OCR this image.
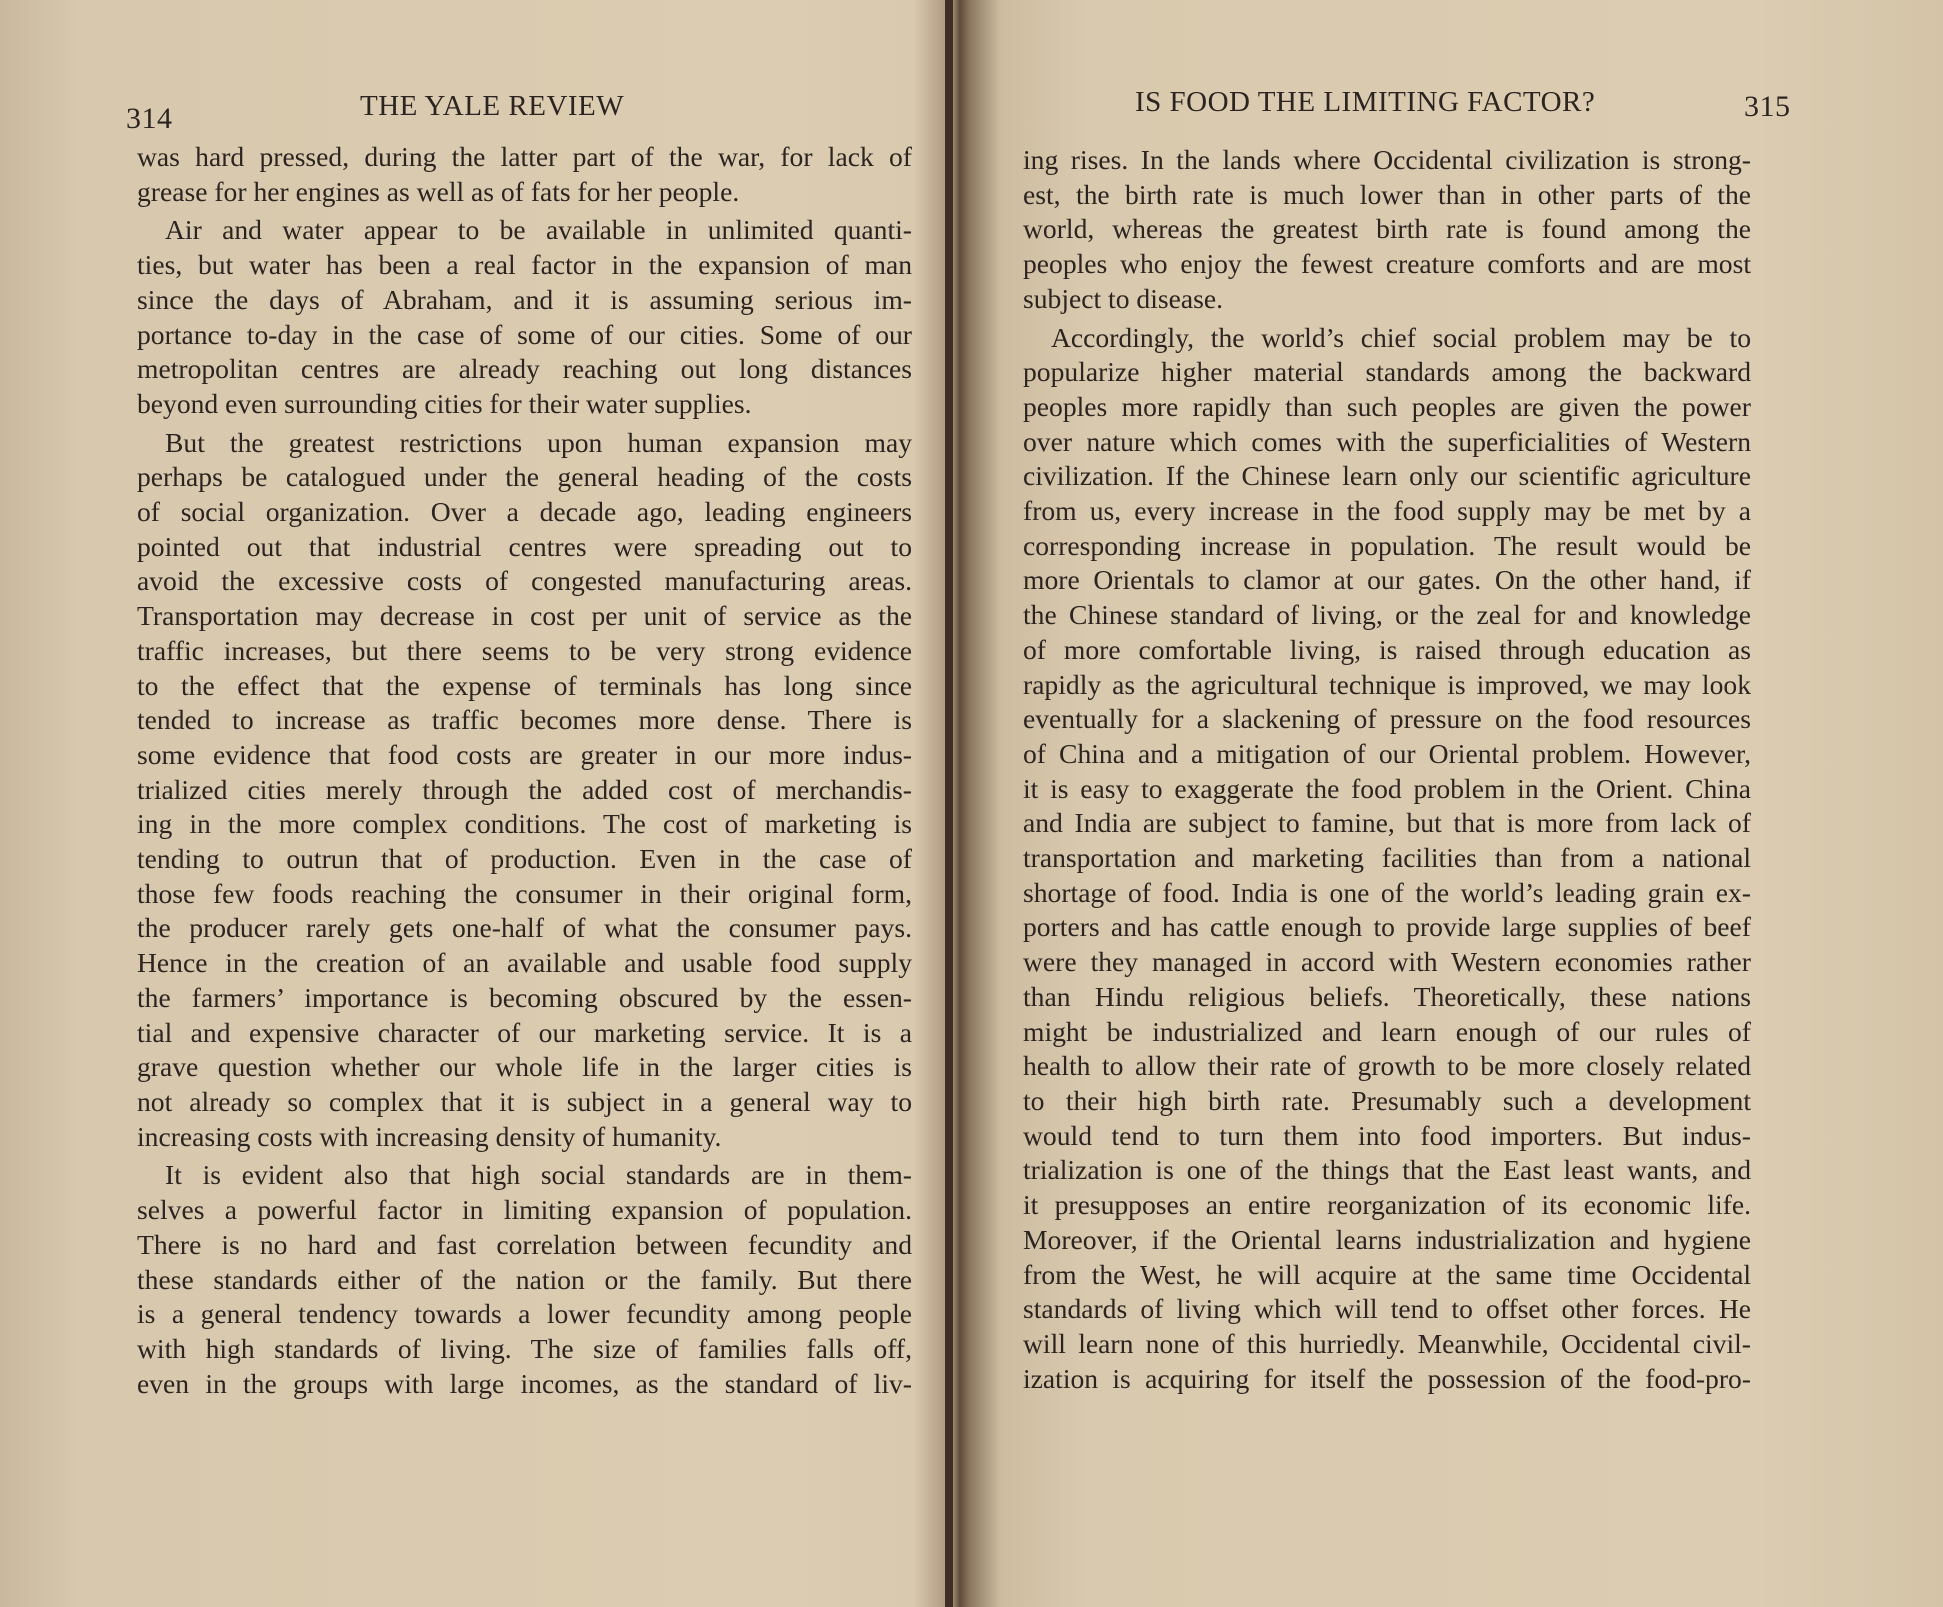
314	THE YALE REVIEW
was hard pressed, during the latter part of the war, for lack of
grease for her engines as well as of fats for her people.
Air and water appear to be available in unlimited quanti-
ties, but water has been a real factor in the expansion of man
since the days of Abraham, and it is assuming serious im-
portance to-day in the case of some of our cities. Some of our
metropolitan centres are already reaching out long distances
beyond even surrounding cities for their water supplies.
But the greatest restrictions upon human expansion may
perhaps be catalogued under the general heading of the costs
of social organization. Over a decade ago, leading engineers
pointed out that industrial centres were spreading out to
avoid the excessive costs of congested manufacturing areas.
Transportation may decrease in cost per unit of service as the
traffic increases, but there seems to be very strong evidence
to the effect that the expense of terminals has long since
tended to increase as traffic becomes more dense. There is
some evidence that food costs are greater in our more indus-
trialized cities merely through the added cost of merchandis-
ing in the more complex conditions. The cost of marketing is
tending to outrun that of production. Even in the case of
those few foods reaching the consumer in their original form,
the producer rarely gets one-half of what the consumer pays.
Hence in the creation of an available and usable food supply
the farmers’ importance is becoming obscured by the essen-
tial and expensive character of our marketing service. It is a
grave question whether our whole life in the larger cities is
not already so complex that it is subject in a general way to
increasing costs with increasing density of humanity.
It is evident also that high social standards are in them-
selves a powerful factor in limiting expansion of population.
There is no hard and fast correlation between fecundity and
these standards either of the nation or the family. But there
is a general tendency towards a lower fecundity among people
with high standards of living. The size of families falls off,
even in the groups with large incomes, as the standard of liv-
IS FOOD THE LIMITING FACTOR?	315
ing rises. In the lands where Occidental civilization is strong-
est, the birth rate is much lower than in other parts of the
world, whereas the greatest birth rate is found among the
peoples who enjoy the fewest creature comforts and are most
subject to disease.
Accordingly, the world’s chief social problem may be to
popularize higher material standards among the backward
peoples more rapidly than such peoples are given the power
over nature which comes with the superficialities of Western
civilization. If the Chinese learn only our scientific agriculture
from us, every increase in the food supply may be met by a
corresponding increase in population. The result would be
more Orientals to clamor at our gates. On the other hand, if
the Chinese standard of living, or the zeal for and knowledge
of more comfortable living, is raised through education as
rapidly as the agricultural technique is improved, we may look
eventually for a slackening of pressure on the food resources
of China and a mitigation of our Oriental problem. However,
it is easy to exaggerate the food problem in the Orient. China
and India are subject to famine, but that is more from lack of
transportation and marketing facilities than from a national
shortage of food. India is one of the world’s leading grain ex-
porters and has cattle enough to provide large supplies of beef
were they managed in accord with Western economies rather
than Hindu religious beliefs. Theoretically, these nations
might be industrialized and learn enough of our rules of
health to allow their rate of growth to be more closely related
to their high birth rate. Presumably such a development
would tend to turn them into food importers. But indus-
trialization is one of the things that the East least wants, and
it presupposes an entire reorganization of its economic life.
Moreover, if the Oriental learns industrialization and hygiene
from the West, he will acquire at the same time Occidental
standards of living which will tend to offset other forces. He
will learn none of this hurriedly. Meanwhile, Occidental civil-
ization is acquiring for itself the possession of the food-pro-
